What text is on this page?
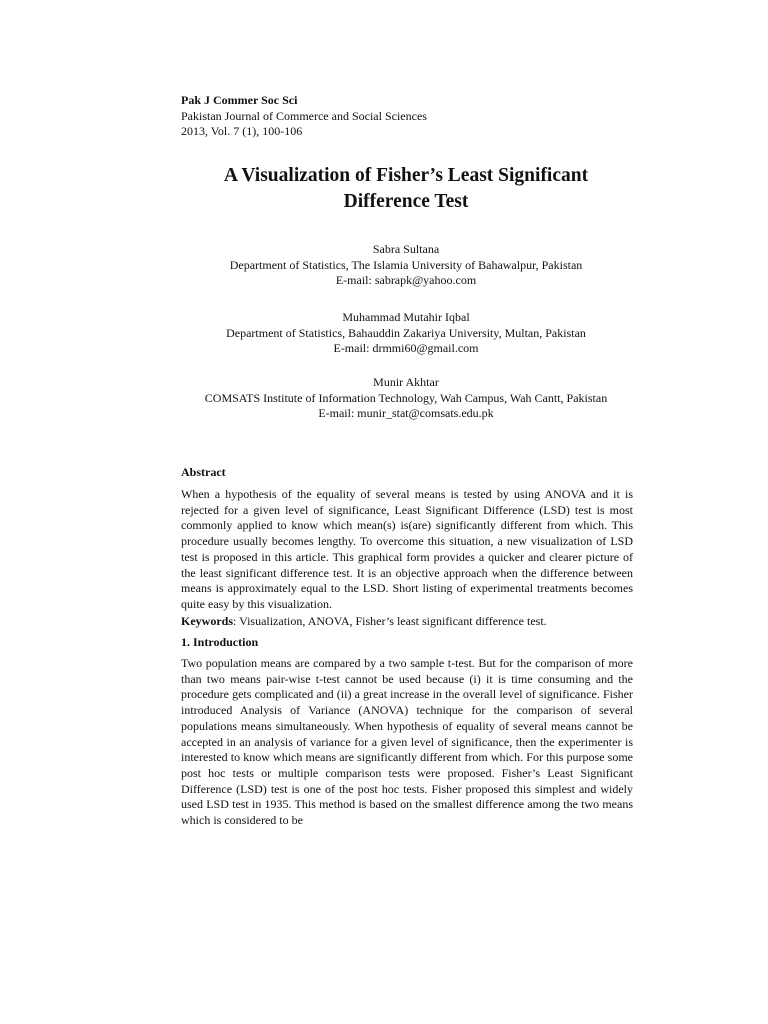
Pak J Commer Soc Sci
Pakistan Journal of Commerce and Social Sciences
2013, Vol. 7 (1), 100-106
A Visualization of Fisher’s Least Significant
Difference Test
Sabra Sultana
Department of Statistics, The Islamia University of Bahawalpur, Pakistan
E-mail: sabrapk@yahoo.com
Muhammad Mutahir Iqbal
Department of Statistics, Bahauddin Zakariya University, Multan, Pakistan
E-mail: drmmi60@gmail.com
Munir Akhtar
COMSATS Institute of Information Technology, Wah Campus, Wah Cantt, Pakistan
E-mail: munir_stat@comsats.edu.pk
Abstract
When a hypothesis of the equality of several means is tested by using ANOVA and it is rejected for a given level of significance, Least Significant Difference (LSD) test is most commonly applied to know which mean(s) is(are) significantly different from which. This procedure usually becomes lengthy. To overcome this situation, a new visualization of LSD test is proposed in this article. This graphical form provides a quicker and clearer picture of the least significant difference test. It is an objective approach when the difference between means is approximately equal to the LSD. Short listing of experimental treatments becomes quite easy by this visualization.
Keywords: Visualization, ANOVA, Fisher’s least significant difference test.
1. Introduction
Two population means are compared by a two sample t-test. But for the comparison of more than two means pair-wise t-test cannot be used because (i) it is time consuming and the procedure gets complicated and (ii) a great increase in the overall level of significance. Fisher introduced Analysis of Variance (ANOVA) technique for the comparison of several populations means simultaneously. When hypothesis of equality of several means cannot be accepted in an analysis of variance for a given level of significance, then the experimenter is interested to know which means are significantly different from which. For this purpose some post hoc tests or multiple comparison tests were proposed. Fisher’s Least Significant Difference (LSD) test is one of the post hoc tests. Fisher proposed this simplest and widely used LSD test in 1935. This method is based on the smallest difference among the two means which is considered to be
